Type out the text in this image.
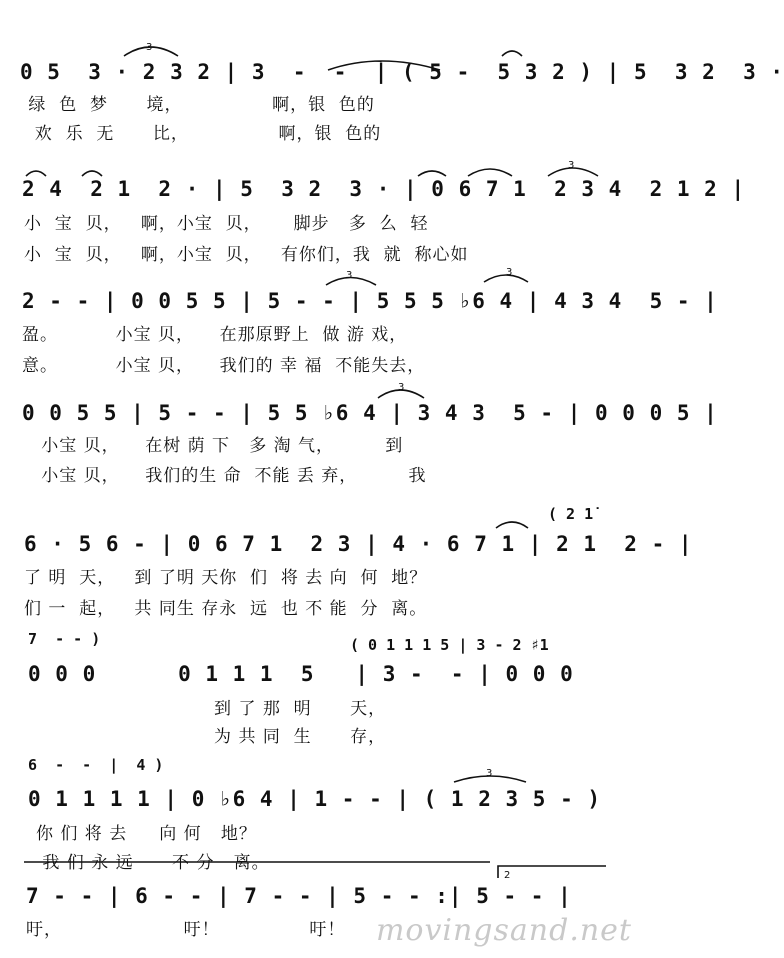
0 5  3 · 2 3 2 | 3  -  -  | ( 5 -  5 3 2 ) | 5  3 2  3 ·
绿  色  梦      境，              啊，银  色的
欢  乐  无      比，              啊，银  色的
2 4  2 1  2 · | 5  3 2  3 · | 0 6 7 1  2 3 4  2 1 2 |
小  宝  贝，   啊，小宝  贝，     脚步   多  么  轻
小  宝  贝，   啊，小宝  贝，   有你们，我  就  称心如
2 - - | 0 0 5 5 | 5 - - | 5 5 5 ♭6 4 | 4 3 4  5 - |
盈。         小宝 贝，    在那原野上  做 游 戏，
意。         小宝 贝，    我们的 幸 福  不能失去，
0 0 5 5 | 5 - - | 5 5 ♭6 4 | 3 4 3  5 - | 0 0 0 5 |
小宝 贝，    在树 荫 下   多 淘 气，        到
小宝 贝，    我们的生 命  不能 丢 弃，        我
( 2 1̇
6 · 5 6 - | 0 6 7 1  2 3 | 4 · 6 7 1 | 2 1  2 - |
了 明  天，   到 了明 天你  们  将 去 向  何  地？
们 一  起，   共 同生 存永  远  也 不 能  分  离。
7  - - )	( 0 1 1 1 5 | 3 - 2 ♯1
0 0 0      0 1 1 1  5   | 3 -  - | 0 0 0
到 了 那  明      天，
为 共 同  生      存，
6  -  -  |  4 )
0 1 1 1 1 | 0 ♭6 4 | 1 - - | ( 1 2 3 5 - )
你 们 将 去     向 何   地？
我 们 永 远      不 分   离。
7 - - | 6 - - | 7 - - | 5 - - :| 5 - - |
吁，                   吁！              吁！
3
3
3	3
3
3
2
movingsand.net
